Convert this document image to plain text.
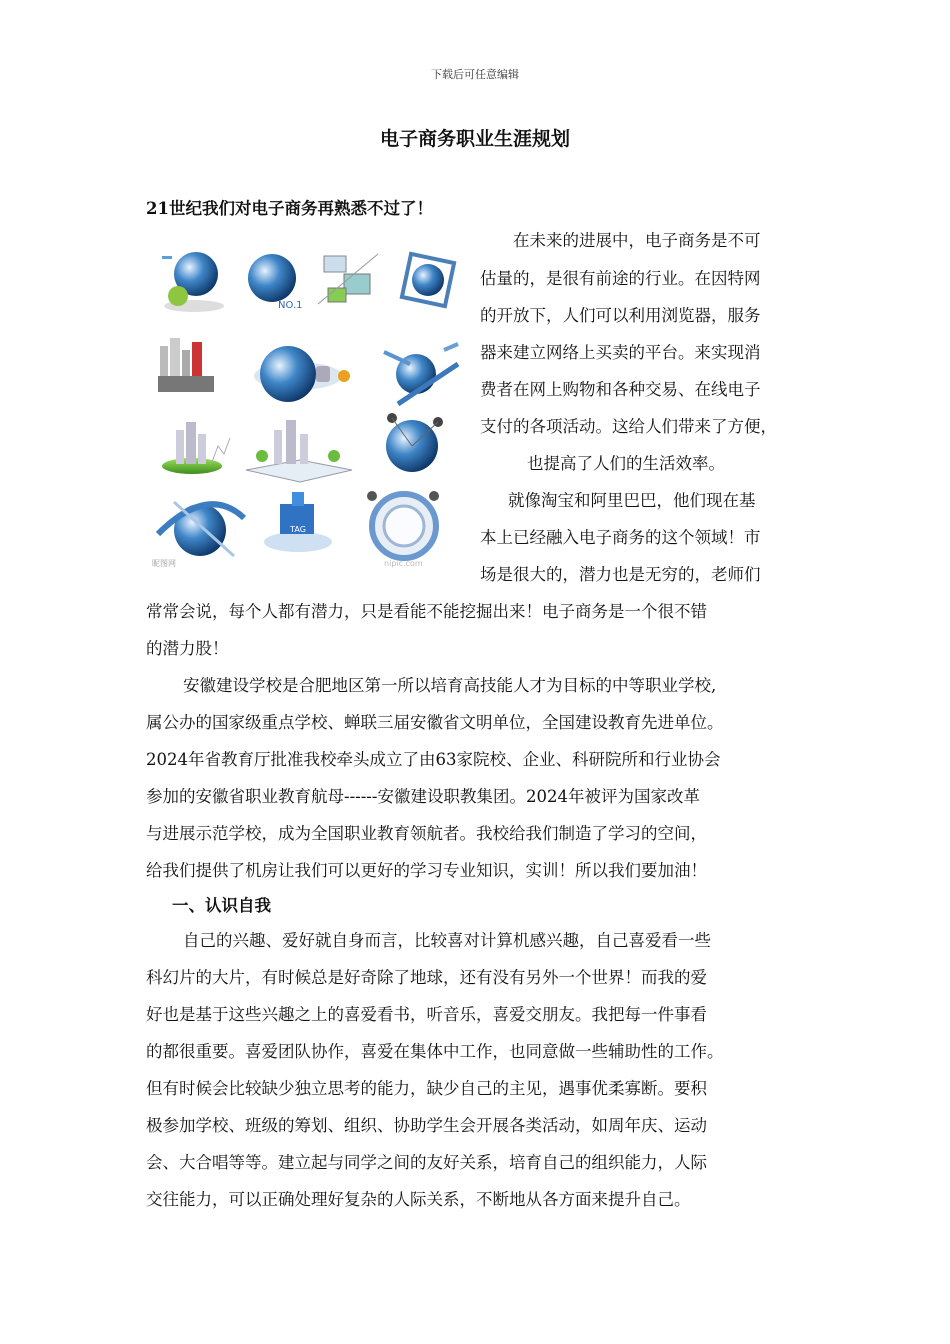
下载后可任意编辑
电子商务职业生涯规划
21世纪我们对电子商务再熟悉不过了！
NO.1
TAG
昵图网	nipic.com
在未来的进展中，电子商务是不可
估量的，是很有前途的行业。在因特网
的开放下，人们可以利用浏览器，服务
器来建立网络上买卖的平台。来实现消
费者在网上购物和各种交易、在线电子
支付的各项活动。这给人们带来了方便，
也提高了人们的生活效率。
就像淘宝和阿里巴巴，他们现在基
本上已经融入电子商务的这个领域！市
场是很大的，潜力也是无穷的，老师们
常常会说，每个人都有潜力，只是看能不能挖掘出来！电子商务是一个很不错
的潜力股！
安徽建设学校是合肥地区第一所以培育高技能人才为目标的中等职业学校,
属公办的国家级重点学校、蝉联三届安徽省文明单位，全国建设教育先进单位。
2024年省教育厅批准我校牵头成立了由63家院校、企业、科研院所和行业协会
参加的安徽省职业教育航母------安徽建设职教集团。2024年被评为国家改革
与进展示范学校，成为全国职业教育领航者。我校给我们制造了学习的空间，
给我们提供了机房让我们可以更好的学习专业知识，实训！所以我们要加油！
一、认识自我
自己的兴趣、爱好就自身而言，比较喜对计算机感兴趣，自己喜爱看一些
科幻片的大片，有时候总是好奇除了地球，还有没有另外一个世界！而我的爱
好也是基于这些兴趣之上的喜爱看书，听音乐，喜爱交朋友。我把每一件事看
的都很重要。喜爱团队协作，喜爱在集体中工作，也同意做一些辅助性的工作。
但有时候会比较缺少独立思考的能力，缺少自己的主见，遇事优柔寡断。要积
极参加学校、班级的筹划、组织、协助学生会开展各类活动，如周年庆、运动
会、大合唱等等。建立起与同学之间的友好关系，培育自己的组织能力，人际
交往能力，可以正确处理好复杂的人际关系，不断地从各方面来提升自己。
